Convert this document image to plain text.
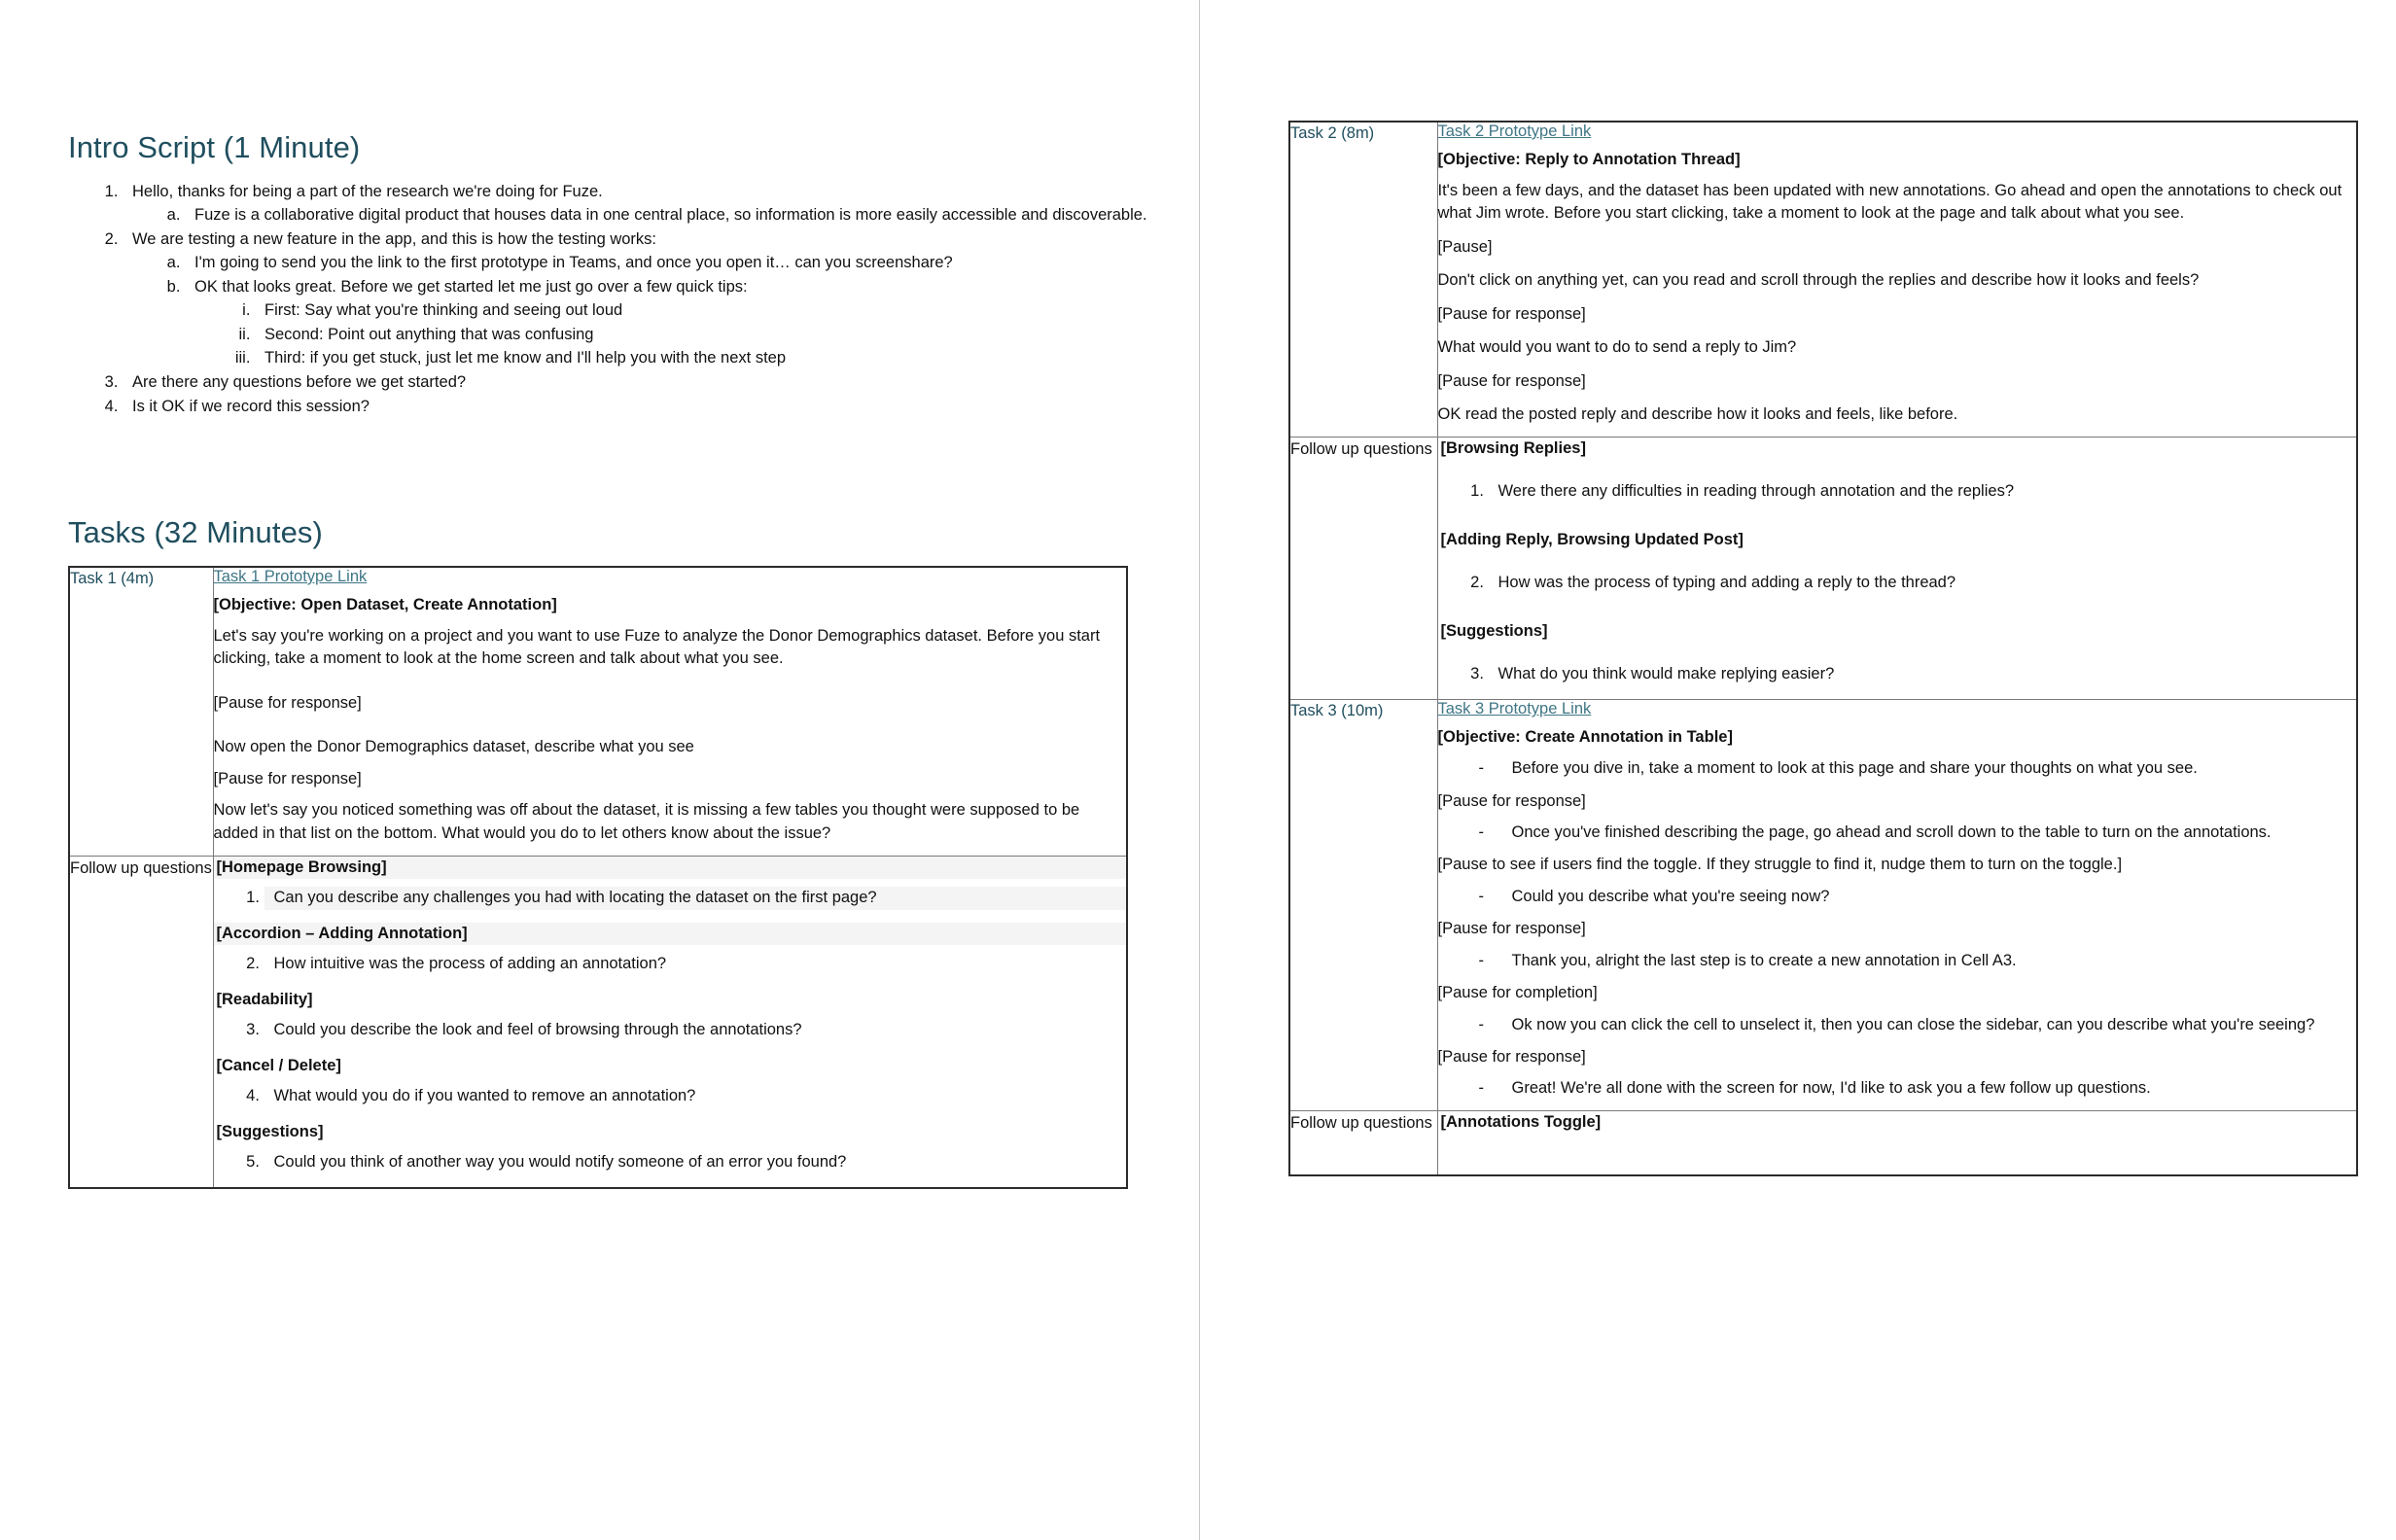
Intro Script (1 Minute)
1. Hello, thanks for being a part of the research we're doing for Fuze.
a. Fuze is a collaborative digital product that houses data in one central place, so information is more easily accessible and discoverable.
2. We are testing a new feature in the app, and this is how the testing works:
a. I'm going to send you the link to the first prototype in Teams, and once you open it… can you screenshare?
b. OK that looks great. Before we get started let me just go over a few quick tips:
i. First: Say what you're thinking and seeing out loud
ii. Second: Point out anything that was confusing
iii. Third: if you get stuck, just let me know and I'll help you with the next step
3. Are there any questions before we get started?
4. Is it OK if we record this session?
Tasks (32 Minutes)
Task 1 (4m)	Task 1 Prototype Link
[Objective: Open Dataset, Create Annotation]

Let's say you're working on a project and you want to use Fuze to analyze the Donor Demographics dataset. Before you start clicking, take a moment to look at the home screen and talk about what you see.

[Pause for response]

Now open the Donor Demographics dataset, describe what you see

[Pause for response]

Now let's say you noticed something was off about the dataset, it is missing a few tables you thought were supposed to be added in that list on the bottom. What would you do to let others know about the issue?

Follow up questions	[Homepage Browsing]
1. Can you describe any challenges you had with locating the dataset on the first page?
[Accordion – Adding Annotation]
2. How intuitive was the process of adding an annotation?
[Readability]
3. Could you describe the look and feel of browsing through the annotations?
[Cancel / Delete]
4. What would you do if you wanted to remove an annotation?
[Suggestions]
5. Could you think of another way you would notify someone of an error you found?
Task 2 (8m)	Task 2 Prototype Link
[Objective: Reply to Annotation Thread]

It's been a few days, and the dataset has been updated with new annotations. Go ahead and open the annotations to check out what Jim wrote. Before you start clicking, take a moment to look at the page and talk about what you see.

[Pause]

Don't click on anything yet, can you read and scroll through the replies and describe how it looks and feels?

[Pause for response]

What would you want to do to send a reply to Jim?

[Pause for response]

OK read the posted reply and describe how it looks and feels, like before.

Follow up questions	[Browsing Replies]
1. Were there any difficulties in reading through annotation and the replies?
[Adding Reply, Browsing Updated Post]
2. How was the process of typing and adding a reply to the thread?
[Suggestions]
3. What do you think would make replying easier?

Task 3 (10m)	Task 3 Prototype Link
[Objective: Create Annotation in Table]
- Before you dive in, take a moment to look at this page and share your thoughts on what you see.

[Pause for response]

- Once you've finished describing the page, go ahead and scroll down to the table to turn on the annotations.

[Pause to see if users find the toggle. If they struggle to find it, nudge them to turn on the toggle.]

- Could you describe what you're seeing now?

[Pause for response]

- Thank you, alright the last step is to create a new annotation in Cell A3.

[Pause for completion]

- Ok now you can click the cell to unselect it, then you can close the sidebar, can you describe what you're seeing?

[Pause for response]

- Great! We're all done with the screen for now, I'd like to ask you a few follow up questions.

Follow up questions	[Annotations Toggle]
